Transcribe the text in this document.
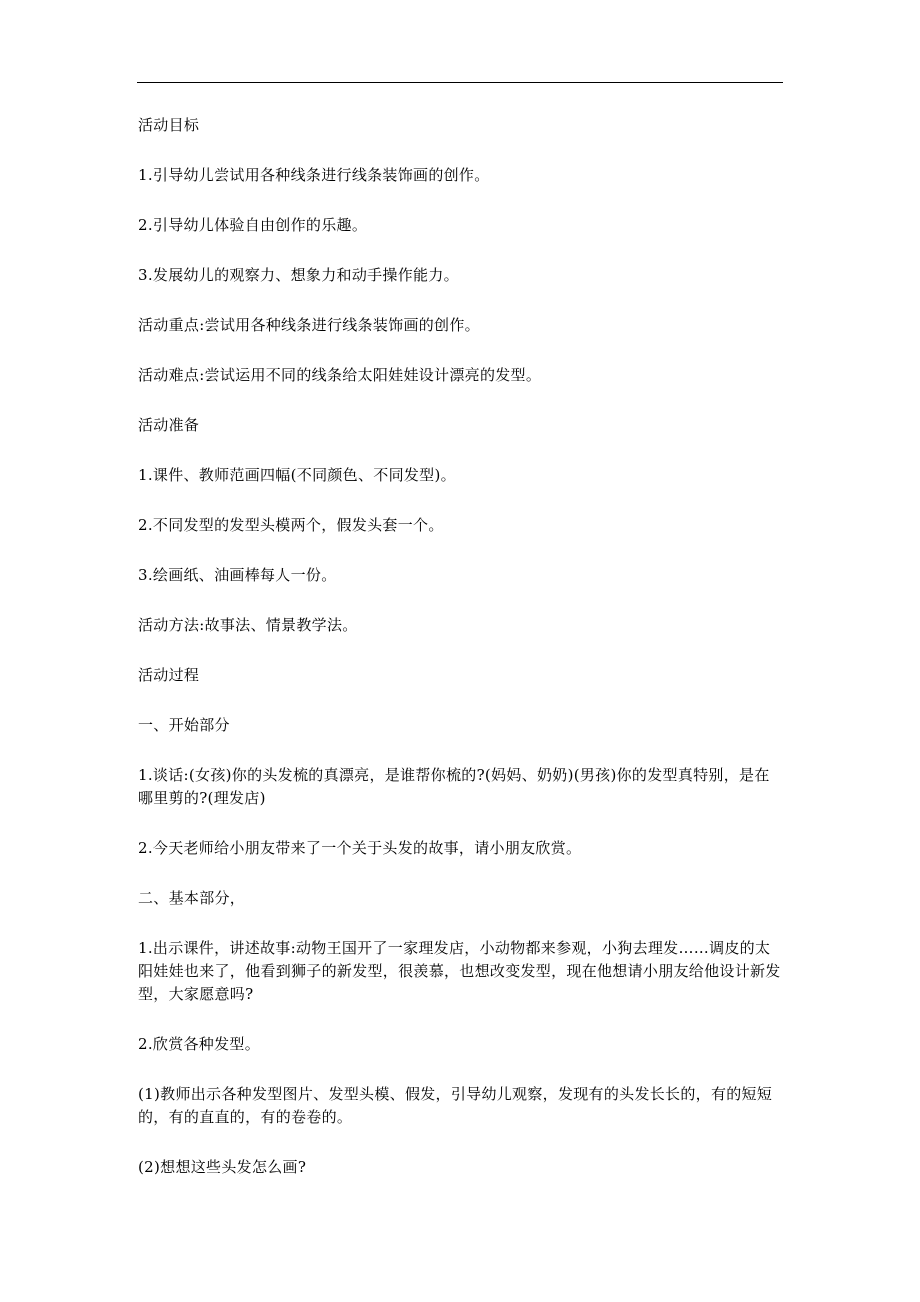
活动目标

1.引导幼儿尝试用各种线条进行线条装饰画的创作。

2.引导幼儿体验自由创作的乐趣。

3.发展幼儿的观察力、想象力和动手操作能力。

活动重点:尝试用各种线条进行线条装饰画的创作。

活动难点:尝试运用不同的线条给太阳娃娃设计漂亮的发型。

活动准备

1.课件、教师范画四幅(不同颜色、不同发型)。

2.不同发型的发型头模两个，假发头套一个。

3.绘画纸、油画棒每人一份。

活动方法:故事法、情景教学法。

活动过程

一、开始部分

1.谈话:(女孩)你的头发梳的真漂亮，是谁帮你梳的?(妈妈、奶奶)(男孩)你的发型真特别，是在哪里剪的?(理发店)

2.今天老师给小朋友带来了一个关于头发的故事，请小朋友欣赏。

二、基本部分，

1.出示课件，讲述故事:动物王国开了一家理发店，小动物都来参观，小狗去理发……调皮的太阳娃娃也来了，他看到狮子的新发型，很羡慕，也想改变发型，现在他想请小朋友给他设计新发型，大家愿意吗?

2.欣赏各种发型。

(1)教师出示各种发型图片、发型头模、假发，引导幼儿观察，发现有的头发长长的，有的短短的，有的直直的，有的卷卷的。

(2)想想这些头发怎么画?
